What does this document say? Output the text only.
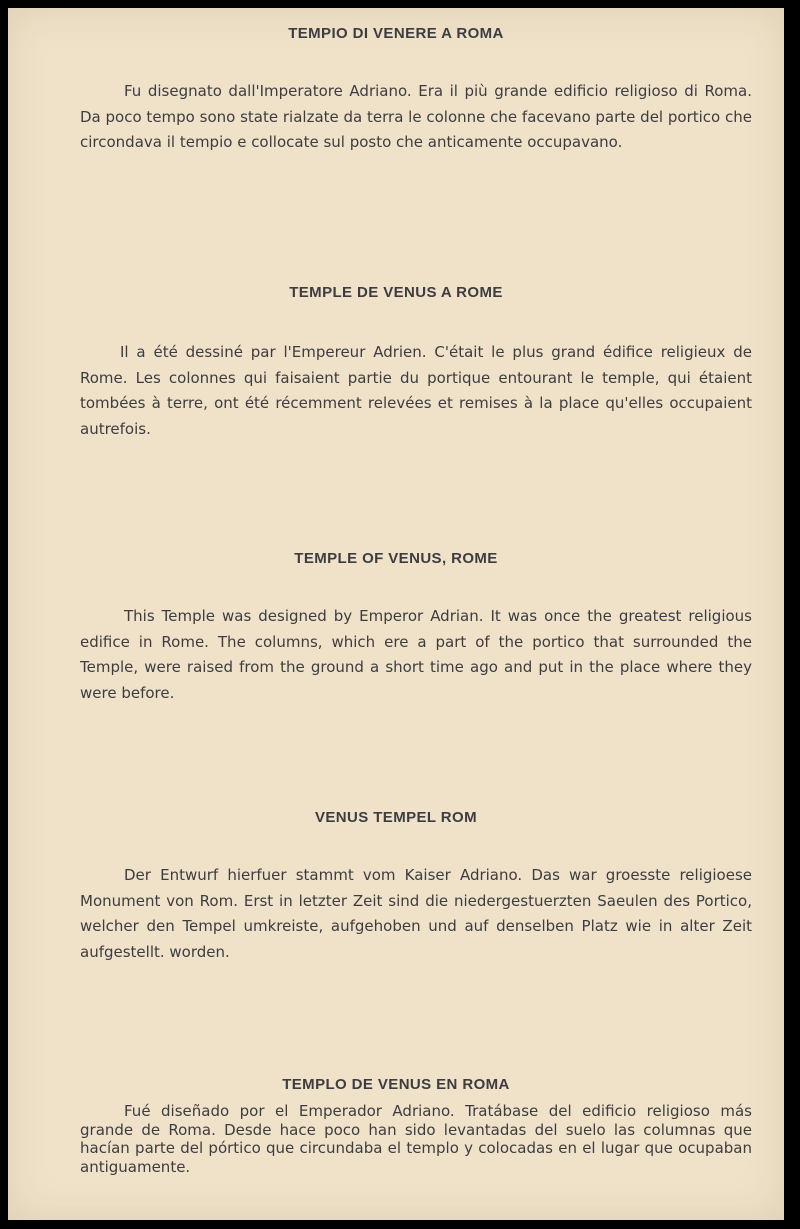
TEMPIO DI VENERE A ROMA

Fu disegnato dall'Imperatore Adriano. Era il più grande edificio religioso di Roma. Da poco tempo sono state rialzate da terra le colonne che facevano parte del portico che circondava il tempio e collocate sul posto che anticamente occupavano.

TEMPLE DE VENUS A ROME

Il a été dessiné par l'Empereur Adrien. C'était le plus grand édifice religieux de Rome. Les colonnes qui faisaient partie du portique entourant le temple, qui étaient tombées à terre, ont été récemment relevées et remises à la place qu'elles occupaient autrefois.

TEMPLE OF VENUS, ROME

This Temple was designed by Emperor Adrian. It was once the greatest religious edifice in Rome. The columns, which ere a part of the portico that surrounded the Temple, were raised from the ground a short time ago and put in the place where they were before.

VENUS TEMPEL ROM

Der Entwurf hierfuer stammt vom Kaiser Adriano. Das war groesste religioese Monument von Rom. Erst in letzter Zeit sind die niedergestuerzten Saeulen des Portico, welcher den Tempel umkreiste, aufgehoben und auf denselben Platz wie in alter Zeit aufgestellt. worden.

TEMPLO DE VENUS EN ROMA

Fué diseñado por el Emperador Adriano. Tratábase del edificio religioso más grande de Roma. Desde hace poco han sido levantadas del suelo las columnas que hacían parte del pórtico que circundaba el templo y colocadas en el lugar que ocupaban antiguamente.
